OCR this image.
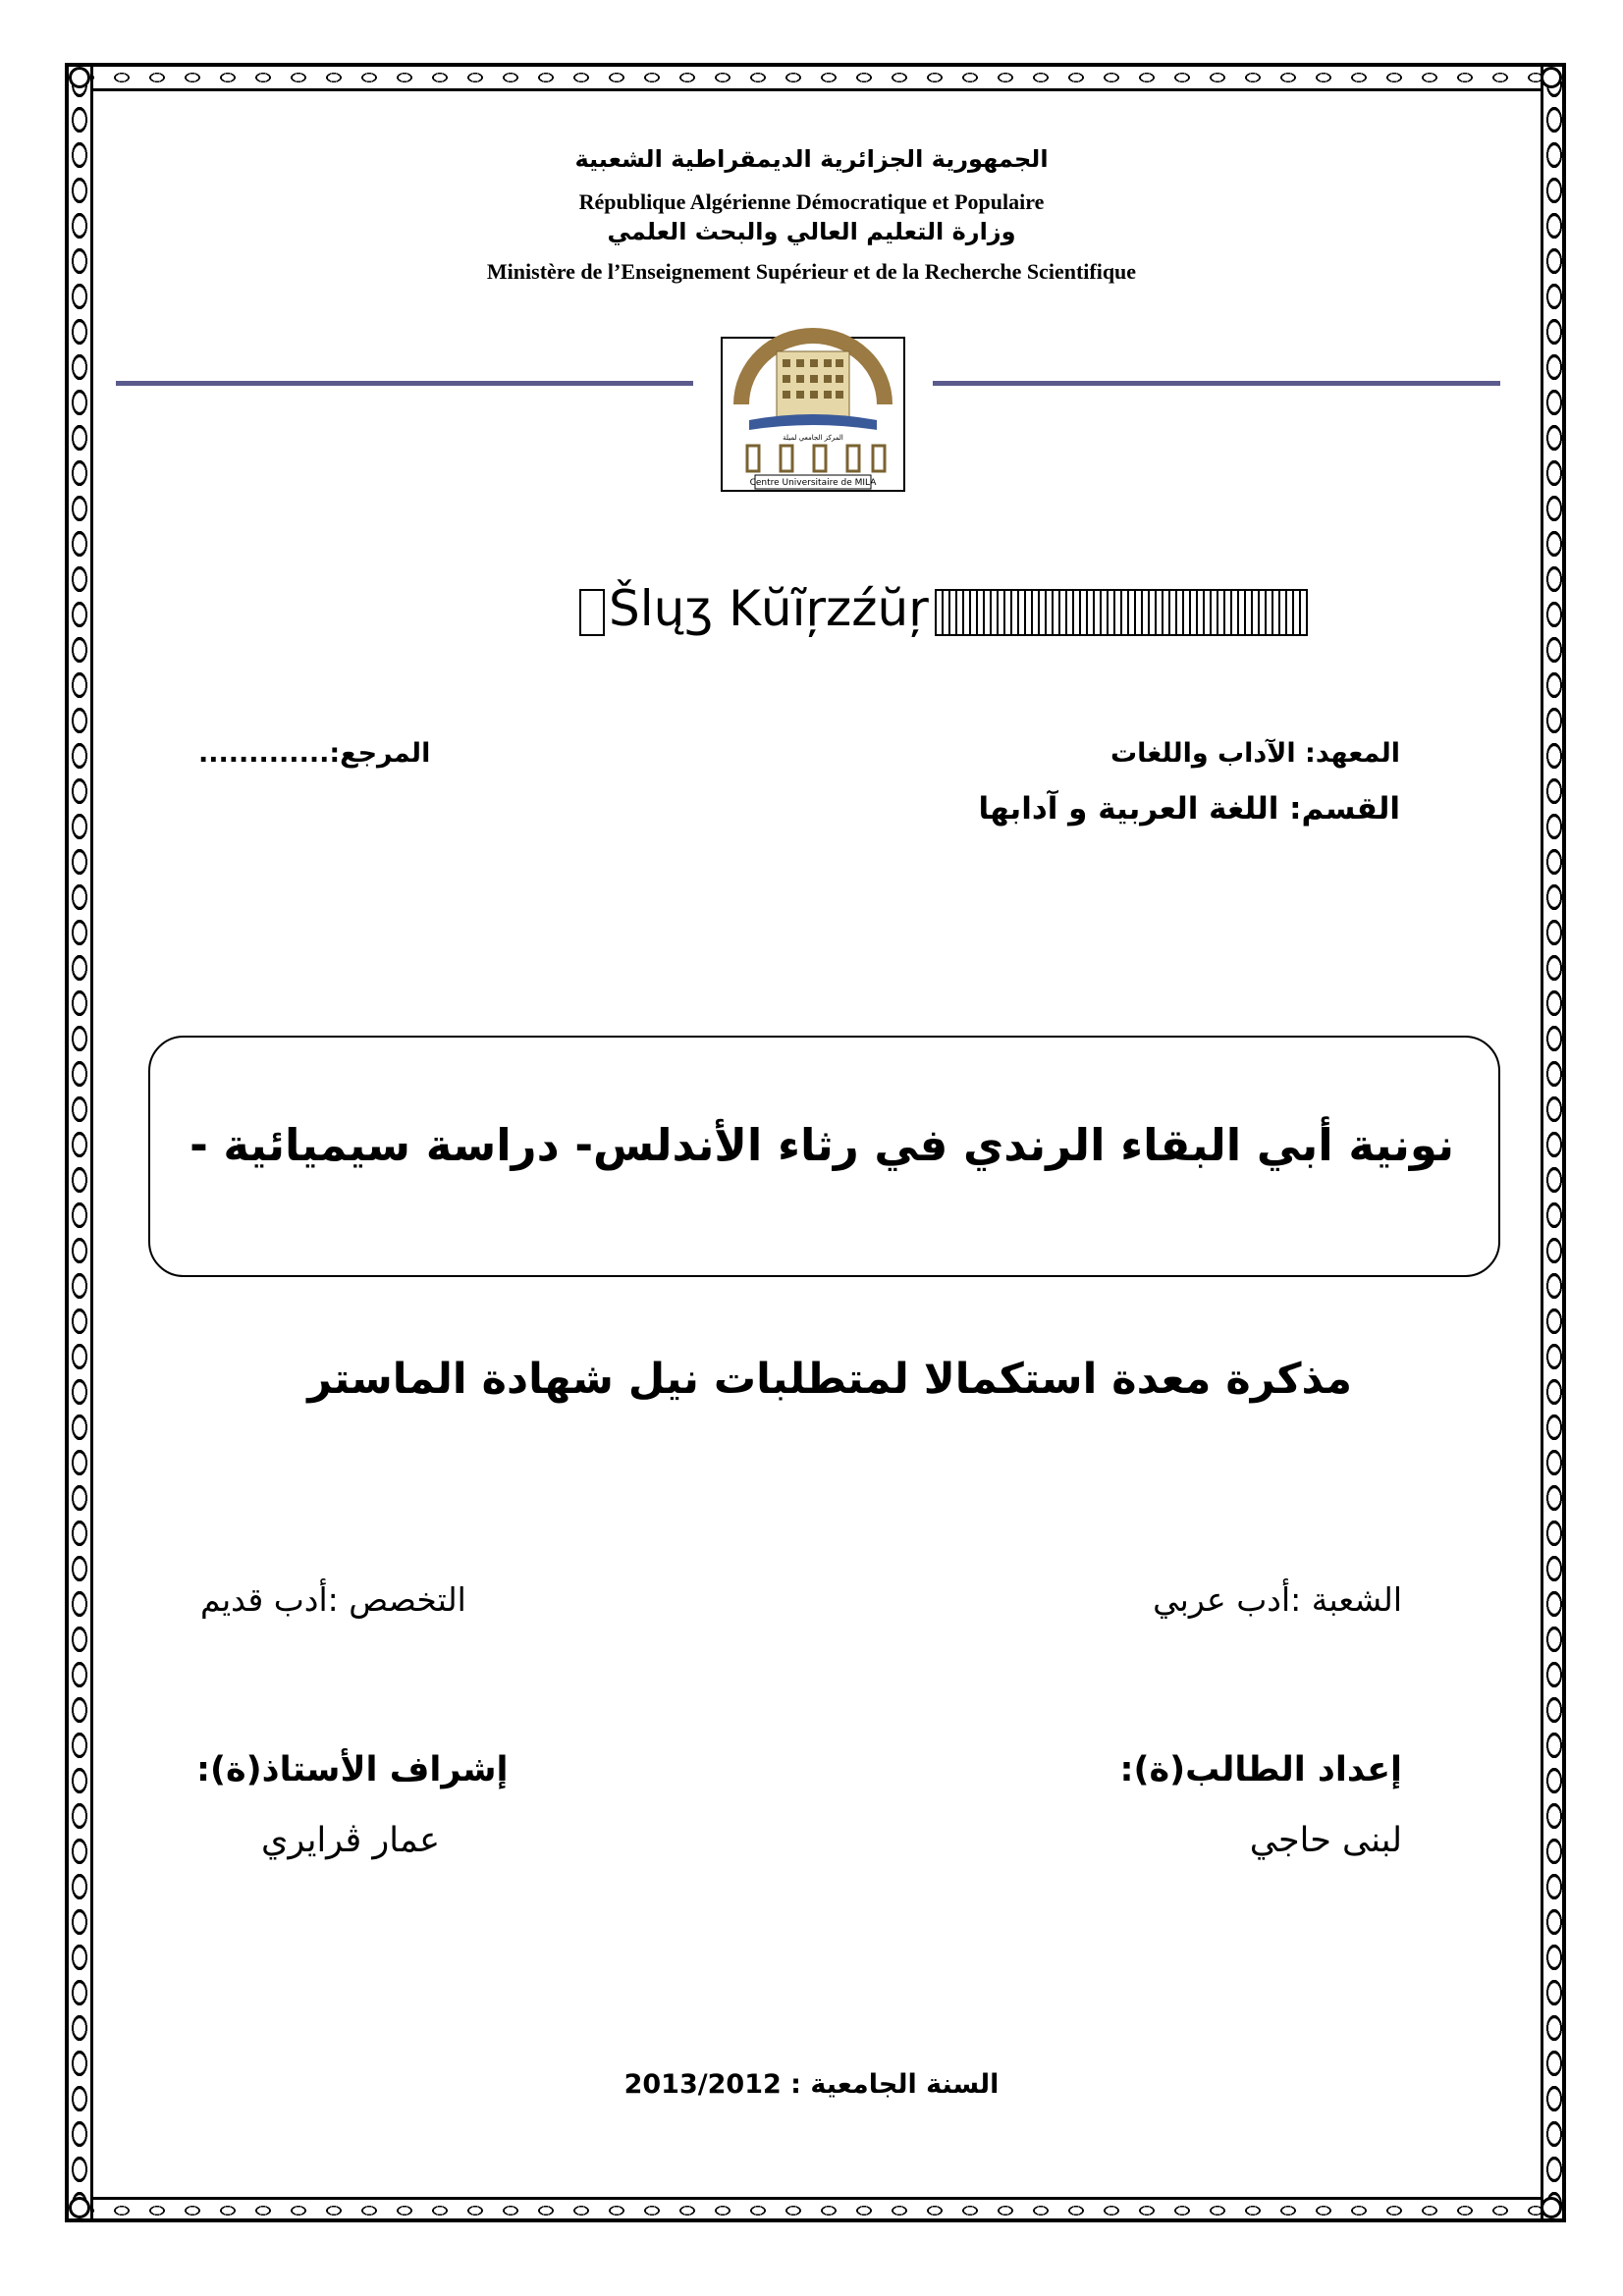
ﺍﻟﺠﻤﻬﻮﺭﻳﺔ ﺍﻟﺠﺰﺍﺋﺮﻳﺔ ﺍﻟﺪﻳﻤﻘﺮﺍﻃﻴﺔ ﺍﻟﺸﻌﺒﻴﺔ
République Algérienne Démocratique et Populaire
ﻭﺯﺍﺭﺓ ﺍﻟﺘﻌﻠﻴﻢ ﺍﻟﻌﺎﻟﻲ ﻭﺍﻟﺒﺤﺚ ﺍﻟﻌﻠﻤﻲ
Ministère de l’Enseignement Supérieur et de la Recherche Scientifique
المركز الجامعي لميلة
Centre Universitaire de MILA
Šlųʒ Kŭĩŗzźŭŗ
المعهد: الآداب واللغات
المرجع:.............
القسم: اللغة العربية و آدابها
نونية أبي البقاء الرندي في رثاء الأندلس- دراسة سيميائية -
مذكرة معدة استكمالا لمتطلبات نيل شهادة الماستر
الشعبة :أدب عربي
التخصص :أدب قديم
إعداد الطالب(ة):
لبنى حاجي
إشراف الأستاذ(ة):
عمار ڤرايري
2013/2012 السنة الجامعية :
